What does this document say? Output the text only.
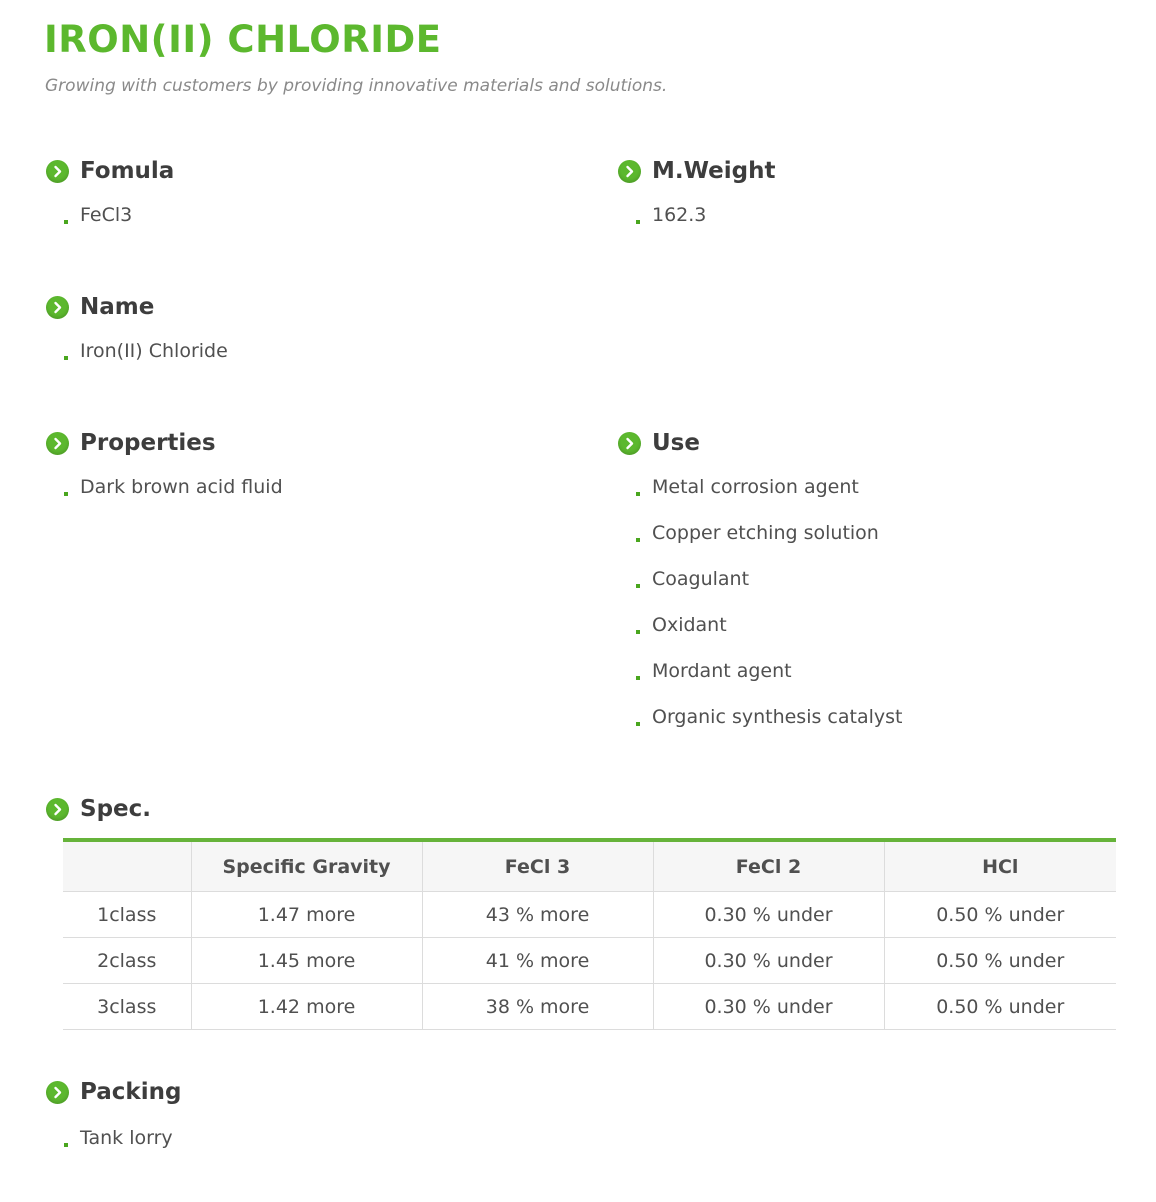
IRON(II) CHLORIDE

Growing with customers by providing innovative materials and solutions.

Fomula
FeCl3
M.Weight
162.3
Name
Iron(II) Chloride
Properties
Dark brown acid fluid
Use
Metal corrosion agent
Copper etching solution
Coagulant
Oxidant
Mordant agent
Organic synthesis catalyst
Spec.
	Specific Gravity	FeCl 3	FeCl 2	HCl
1class	1.47 more	43 % more	0.30 % under	0.50 % under
2class	1.45 more	41 % more	0.30 % under	0.50 % under
3class	1.42 more	38 % more	0.30 % under	0.50 % under
Packing
Tank lorry
